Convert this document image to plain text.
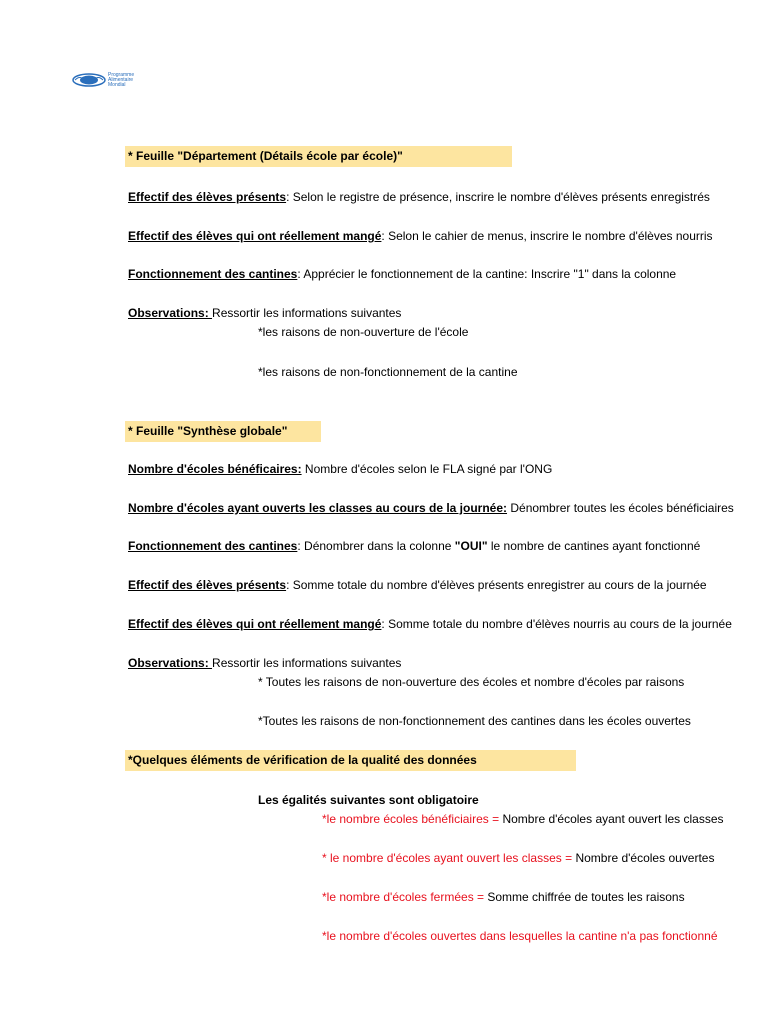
Programme
Alimentaire
Mondial
* Feuille "Département (Détails école par école)"
Effectif des élèves présents: Selon le registre de présence, inscrire le nombre d'élèves présents enregistrés
Effectif des élèves qui ont réellement mangé: Selon le cahier de menus, inscrire le nombre d'élèves nourris
Fonctionnement des cantines: Apprécier le fonctionnement de la cantine: Inscrire "1" dans la colonne
Observations: Ressortir les informations suivantes
*les raisons de non-ouverture de l'école
*les raisons de non-fonctionnement de la cantine
* Feuille "Synthèse globale"
Nombre d'écoles bénéficaires: Nombre d'écoles selon le FLA signé par l'ONG
Nombre d'écoles ayant ouverts les classes au cours de la journée: Dénombrer toutes les écoles bénéficiaires
Fonctionnement des cantines: Dénombrer dans la colonne "OUI" le nombre de cantines ayant fonctionné
Effectif des élèves présents: Somme totale du nombre d'élèves présents enregistrer au cours de la journée
Effectif des élèves qui ont réellement mangé: Somme totale du nombre d'élèves nourris au cours de la journée
Observations: Ressortir les informations suivantes
* Toutes les raisons de non-ouverture des écoles et nombre d'écoles par raisons
*Toutes les raisons de non-fonctionnement des cantines dans les écoles ouvertes
*Quelques éléments de vérification de la qualité des données
Les égalités suivantes sont obligatoire
*le nombre écoles bénéficiaires = Nombre d'écoles ayant ouvert les classes
* le nombre d'écoles ayant ouvert les classes = Nombre d'écoles ouvertes
*le nombre d'écoles fermées = Somme chiffrée de toutes les raisons
*le nombre d'écoles ouvertes dans lesquelles la cantine n'a pas fonctionné
